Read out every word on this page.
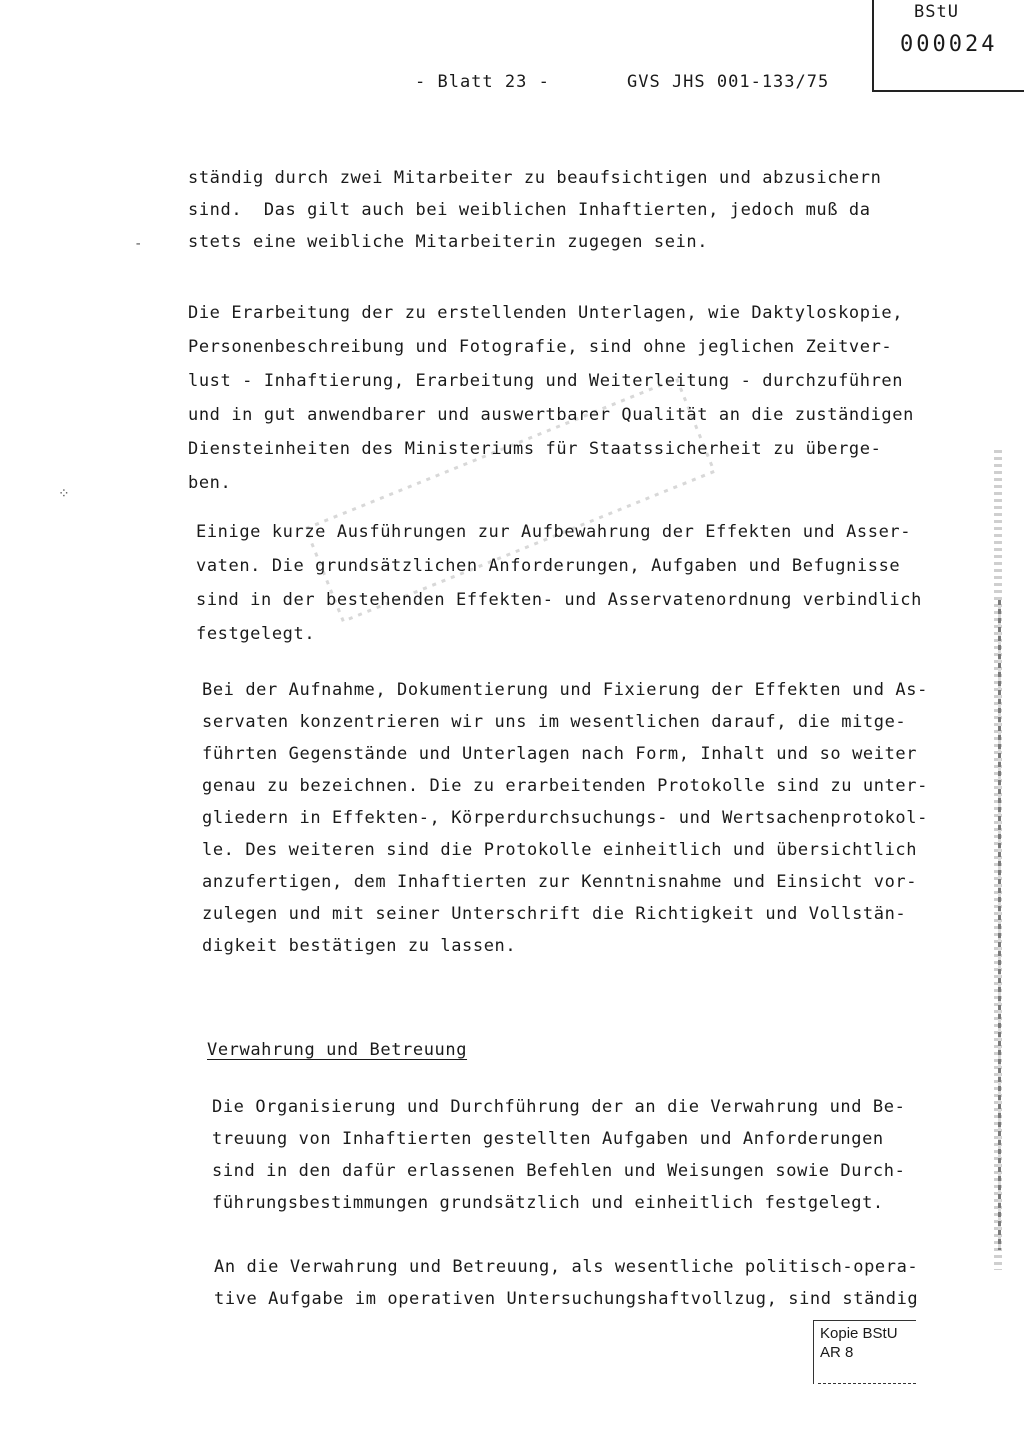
BStU
000024
- Blatt 23 -	GVS JHS 001-133/75
ständig durch zwei Mitarbeiter zu beaufsichtigen und abzusichern
sind.  Das gilt auch bei weiblichen Inhaftierten, jedoch muß da
stets eine weibliche Mitarbeiterin zugegen sein.
Die Erarbeitung der zu erstellenden Unterlagen, wie Daktyloskopie,
Personenbeschreibung und Fotografie, sind ohne jeglichen Zeitver-
lust - Inhaftierung, Erarbeitung und Weiterleitung - durchzuführen
und in gut anwendbarer und auswertbarer Qualität an die zuständigen
Diensteinheiten des Ministeriums für Staatssicherheit zu überge-
ben.
Einige kurze Ausführungen zur Aufbewahrung der Effekten und Asser-
vaten. Die grundsätzlichen Anforderungen, Aufgaben und Befugnisse
sind in der bestehenden Effekten- und Asservatenordnung verbindlich
festgelegt.
Bei der Aufnahme, Dokumentierung und Fixierung der Effekten und As-
servaten konzentrieren wir uns im wesentlichen darauf, die mitge-
führten Gegenstände und Unterlagen nach Form, Inhalt und so weiter
genau zu bezeichnen. Die zu erarbeitenden Protokolle sind zu unter-
gliedern in Effekten-, Körperdurchsuchungs- und Wertsachenprotokol-
le. Des weiteren sind die Protokolle einheitlich und übersichtlich
anzufertigen, dem Inhaftierten zur Kenntnisnahme und Einsicht vor-
zulegen und mit seiner Unterschrift die Richtigkeit und Vollstän-
digkeit bestätigen zu lassen.
Verwahrung und Betreuung
Die Organisierung und Durchführung der an die Verwahrung und Be-
treuung von Inhaftierten gestellten Aufgaben und Anforderungen
sind in den dafür erlassenen Befehlen und Weisungen sowie Durch-
führungsbestimmungen grundsätzlich und einheitlich festgelegt.
An die Verwahrung und Betreuung, als wesentliche politisch-opera-
tive Aufgabe im operativen Untersuchungshaftvollzug, sind ständig
Kopie BStU
AR 8
-
⁘
